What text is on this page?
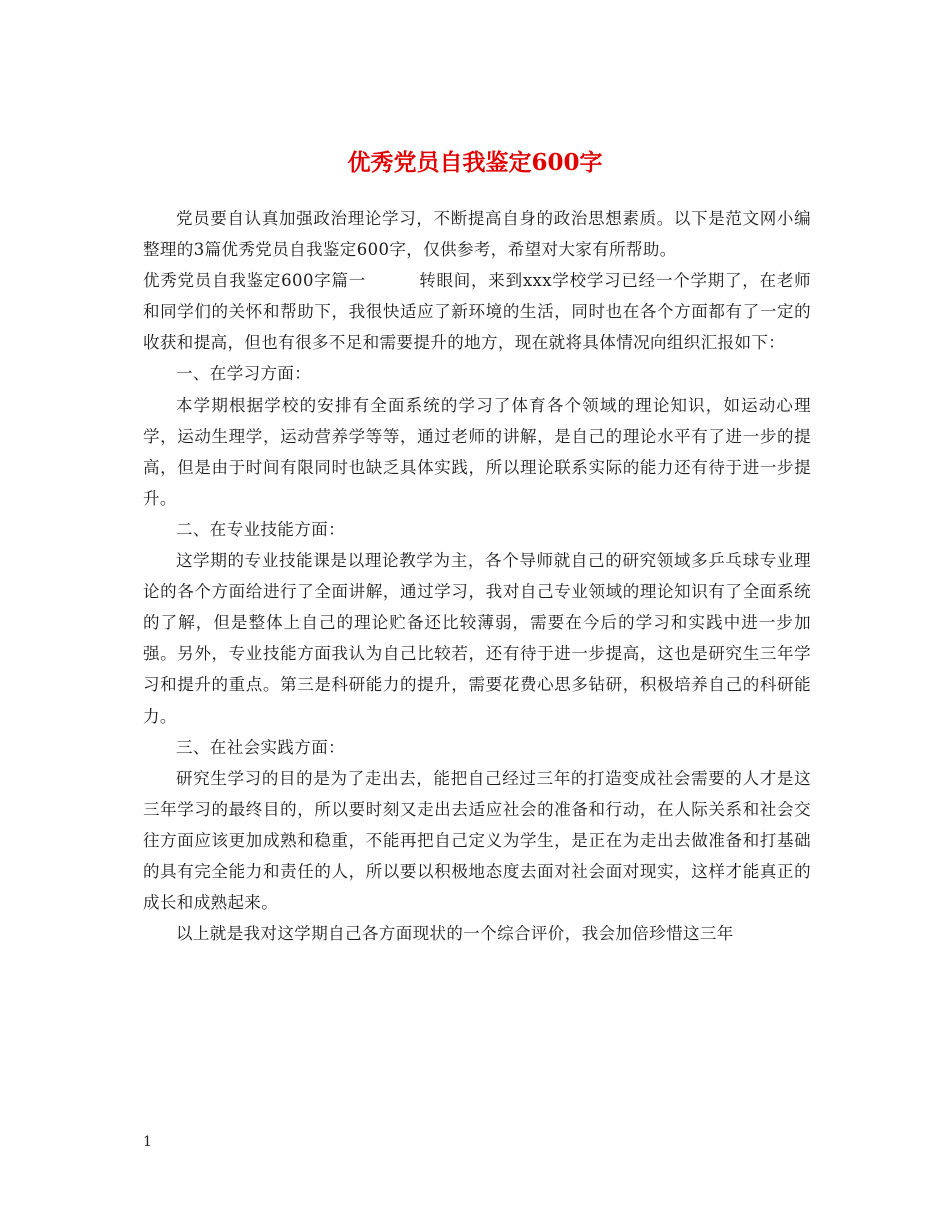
优秀党员自我鉴定600字

党员要自认真加强政治理论学习，不断提高自身的政治思想素质。以下是范文网小编整理的3篇优秀党员自我鉴定600字，仅供参考，希望对大家有所帮助。

优秀党员自我鉴定600字篇一	转眼间，来到xxx学校学习已经一个学期了，在老师和同学们的关怀和帮助下，我很快适应了新环境的生活，同时也在各个方面都有了一定的收获和提高，但也有很多不足和需要提升的地方，现在就将具体情况向组织汇报如下：

一、在学习方面：

本学期根据学校的安排有全面系统的学习了体育各个领域的理论知识，如运动心理学，运动生理学，运动营养学等等，通过老师的讲解，是自己的理论水平有了进一步的提高，但是由于时间有限同时也缺乏具体实践，所以理论联系实际的能力还有待于进一步提升。

二、在专业技能方面：

这学期的专业技能课是以理论教学为主，各个导师就自己的研究领域多乒乓球专业理论的各个方面给进行了全面讲解，通过学习，我对自己专业领域的理论知识有了全面系统的了解，但是整体上自己的理论贮备还比较薄弱，需要在今后的学习和实践中进一步加强。另外，专业技能方面我认为自己比较若，还有待于进一步提高，这也是研究生三年学习和提升的重点。第三是科研能力的提升，需要花费心思多钻研，积极培养自己的科研能力。

三、在社会实践方面：

研究生学习的目的是为了走出去，能把自己经过三年的打造变成社会需要的人才是这三年学习的最终目的，所以要时刻又走出去适应社会的准备和行动，在人际关系和社会交往方面应该更加成熟和稳重，不能再把自己定义为学生，是正在为走出去做准备和打基础的具有完全能力和责任的人，所以要以积极地态度去面对社会面对现实，这样才能真正的成长和成熟起来。

以上就是我对这学期自己各方面现状的一个综合评价，我会加倍珍惜这三年

1
